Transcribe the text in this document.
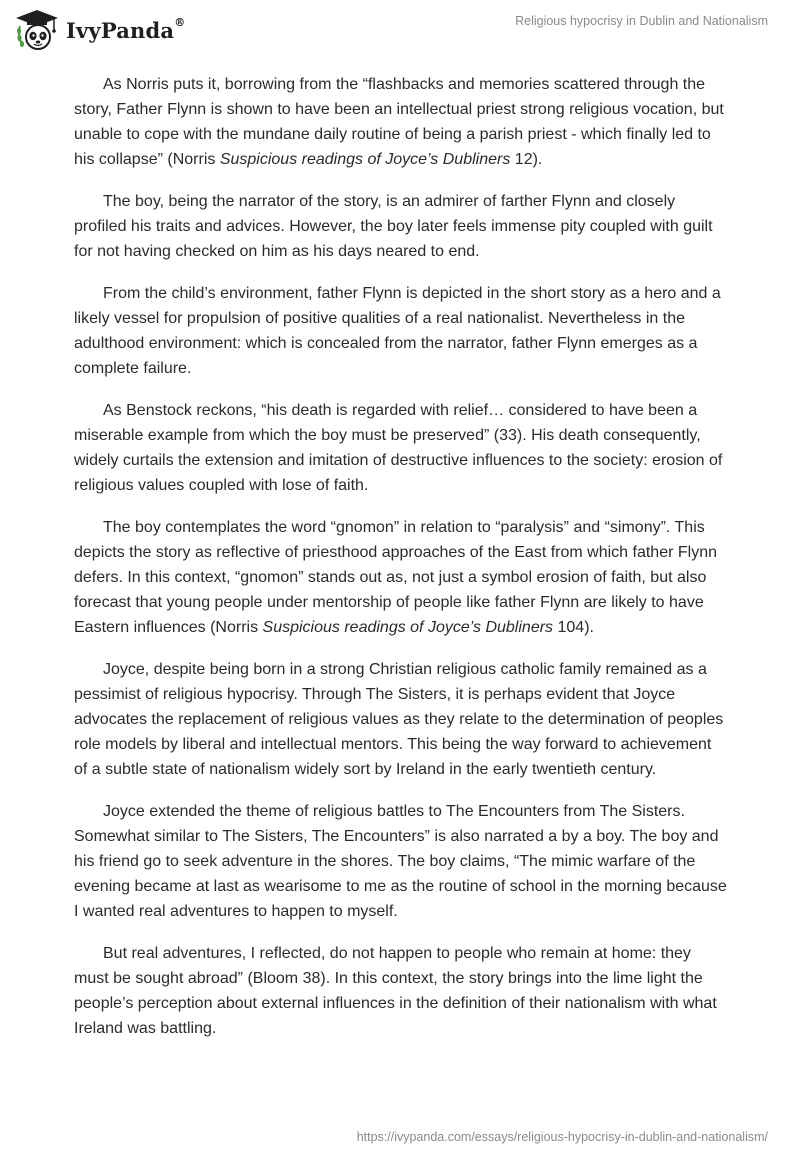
IvyPanda®	Religious hypocrisy in Dublin and Nationalism

As Norris puts it, borrowing from the “flashbacks and memories scattered through the story, Father Flynn is shown to have been an intellectual priest strong religious vocation, but unable to cope with the mundane daily routine of being a parish priest - which finally led to his collapse” (Norris Suspicious readings of Joyce’s Dubliners 12).

The boy, being the narrator of the story, is an admirer of farther Flynn and closely profiled his traits and advices. However, the boy later feels immense pity coupled with guilt for not having checked on him as his days neared to end.

From the child’s environment, father Flynn is depicted in the short story as a hero and a likely vessel for propulsion of positive qualities of a real nationalist. Nevertheless in the adulthood environment: which is concealed from the narrator, father Flynn emerges as a complete failure.

As Benstock reckons, “his death is regarded with relief… considered to have been a miserable example from which the boy must be preserved” (33). His death consequently, widely curtails the extension and imitation of destructive influences to the society: erosion of religious values coupled with lose of faith.

The boy contemplates the word “gnomon” in relation to “paralysis” and “simony”. This depicts the story as reflective of priesthood approaches of the East from which father Flynn defers. In this context, “gnomon” stands out as, not just a symbol erosion of faith, but also forecast that young people under mentorship of people like father Flynn are likely to have Eastern influences (Norris Suspicious readings of Joyce’s Dubliners 104).

Joyce, despite being born in a strong Christian religious catholic family remained as a pessimist of religious hypocrisy. Through The Sisters, it is perhaps evident that Joyce advocates the replacement of religious values as they relate to the determination of peoples role models by liberal and intellectual mentors. This being the way forward to achievement of a subtle state of nationalism widely sort by Ireland in the early twentieth century.

Joyce extended the theme of religious battles to The Encounters from The Sisters. Somewhat similar to The Sisters, The Encounters” is also narrated a by a boy. The boy and his friend go to seek adventure in the shores. The boy claims, “The mimic warfare of the evening became at last as wearisome to me as the routine of school in the morning because I wanted real adventures to happen to myself.

But real adventures, I reflected, do not happen to people who remain at home: they must be sought abroad” (Bloom 38). In this context, the story brings into the lime light the people’s perception about external influences in the definition of their nationalism with what Ireland was battling.

https://ivypanda.com/essays/religious-hypocrisy-in-dublin-and-nationalism/
